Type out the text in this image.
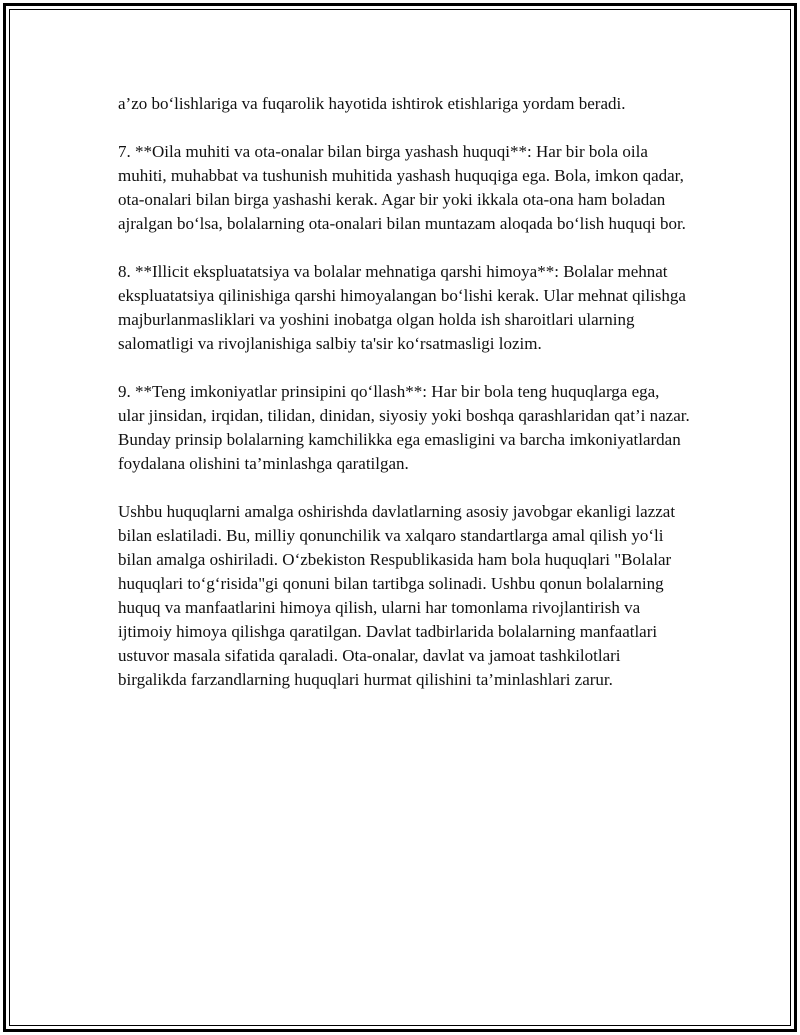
a’zo bo‘lishlariga va fuqarolik hayotida ishtirok etishlariga yordam beradi.

7. **Oila muhiti va ota-onalar bilan birga yashash huquqi**: Har bir bola oila muhiti, muhabbat va tushunish muhitida yashash huquqiga ega. Bola, imkon qadar, ota-onalari bilan birga yashashi kerak. Agar bir yoki ikkala ota-ona ham boladan ajralgan bo‘lsa, bolalarning ota-onalari bilan muntazam aloqada bo‘lish huquqi bor.

8. **Illicit ekspluatatsiya va bolalar mehnatiga qarshi himoya**: Bolalar mehnat ekspluatatsiya qilinishiga qarshi himoyalangan bo‘lishi kerak. Ular mehnat qilishga majburlanmasliklari va yoshini inobatga olgan holda ish sharoitlari ularning salomatligi va rivojlanishiga salbiy ta'sir ko‘rsatmasligi lozim.

9. **Teng imkoniyatlar prinsipini qo‘llash**: Har bir bola teng huquqlarga ega, ular jinsidan, irqidan, tilidan, dinidan, siyosiy yoki boshqa qarashlaridan qat’i nazar. Bunday prinsip bolalarning kamchilikka ega emasligini va barcha imkoniyatlardan foydalana olishini ta’minlashga qaratilgan.

Ushbu huquqlarni amalga oshirishda davlatlarning asosiy javobgar ekanligi lazzat bilan eslatiladi. Bu, milliy qonunchilik va xalqaro standartlarga amal qilish yo‘li bilan amalga oshiriladi. O‘zbekiston Respublikasida ham bola huquqlari "Bolalar huquqlari to‘g‘risida"gi qonuni bilan tartibga solinadi. Ushbu qonun bolalarning huquq va manfaatlarini himoya qilish, ularni har tomonlama rivojlantirish va ijtimoiy himoya qilishga qaratilgan. Davlat tadbirlarida bolalarning manfaatlari ustuvor masala sifatida qaraladi. Ota-onalar, davlat va jamoat tashkilotlari birgalikda farzandlarning huquqlari hurmat qilishini ta’minlashlari zarur.
